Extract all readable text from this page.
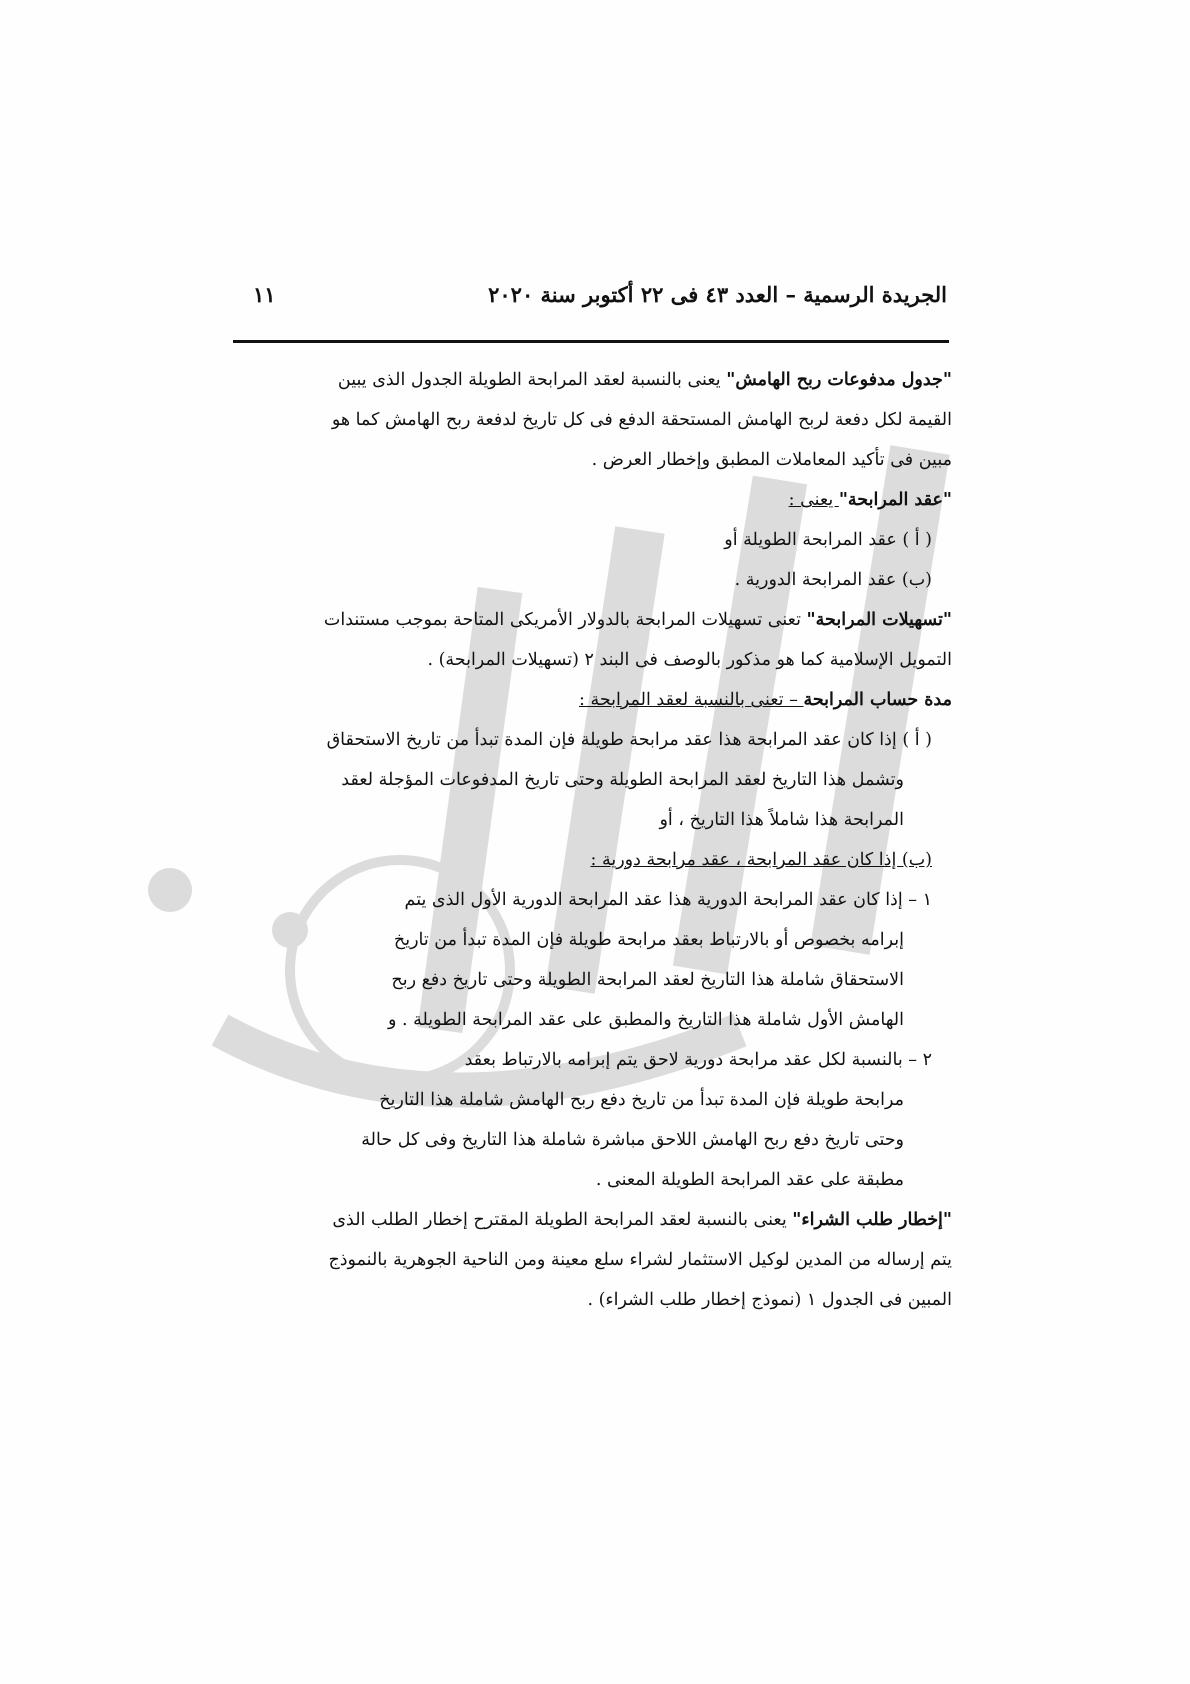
الجريدة الرسمية – العدد ٤٣ فى ٢٢ أكتوبر سنة ٢٠٢٠
١١
"جدول مدفوعات ربح الهامش" يعنى بالنسبة لعقد المرابحة الطويلة الجدول الذى يبين
القيمة لكل دفعة لربح الهامش المستحقة الدفع فى كل تاريخ لدفعة ربح الهامش كما هو
مبين فى تأكيد المعاملات المطبق وإخطار العرض .
"عقد المرابحة" يعنى :
( أ ) عقد المرابحة الطويلة أو
(ب) عقد المرابحة الدورية .
"تسهيلات المرابحة" تعنى تسهيلات المرابحة بالدولار الأمريكى المتاحة بموجب مستندات
التمويل الإسلامية كما هو مذكور بالوصف فى البند ٢ (تسهيلات المرابحة) .
مدة حساب المرابحة – تعنى بالنسبة لعقد المرابحة :
( أ ) إذا كان عقد المرابحة هذا عقد مرابحة طويلة فإن المدة تبدأ من تاريخ الاستحقاق
وتشمل هذا التاريخ لعقد المرابحة الطويلة وحتى تاريخ المدفوعات المؤجلة لعقد
المرابحة هذا شاملاً هذا التاريخ ، أو
(ب) إذا كان عقد المرابحة ، عقد مرابحة دورية :
١ – إذا كان عقد المرابحة الدورية هذا عقد المرابحة الدورية الأول الذى يتم
إبرامه بخصوص أو بالارتباط بعقد مرابحة طويلة فإن المدة تبدأ من تاريخ
الاستحقاق شاملة هذا التاريخ لعقد المرابحة الطويلة وحتى تاريخ دفع ربح
الهامش الأول شاملة هذا التاريخ والمطبق على عقد المرابحة الطويلة . و
٢ – بالنسبة لكل عقد مرابحة دورية لاحق يتم إبرامه بالارتباط بعقد
مرابحة طويلة فإن المدة تبدأ من تاريخ دفع ربح الهامش شاملة هذا التاريخ
وحتى تاريخ دفع ربح الهامش اللاحق مباشرة شاملة هذا التاريخ وفى كل حالة
مطبقة على عقد المرابحة الطويلة المعنى .
"إخطار طلب الشراء" يعنى بالنسبة لعقد المرابحة الطويلة المقترح إخطار الطلب الذى
يتم إرساله من المدين لوكيل الاستثمار لشراء سلع معينة ومن الناحية الجوهرية بالنموذج
المبين فى الجدول ١ (نموذج إخطار طلب الشراء) .
